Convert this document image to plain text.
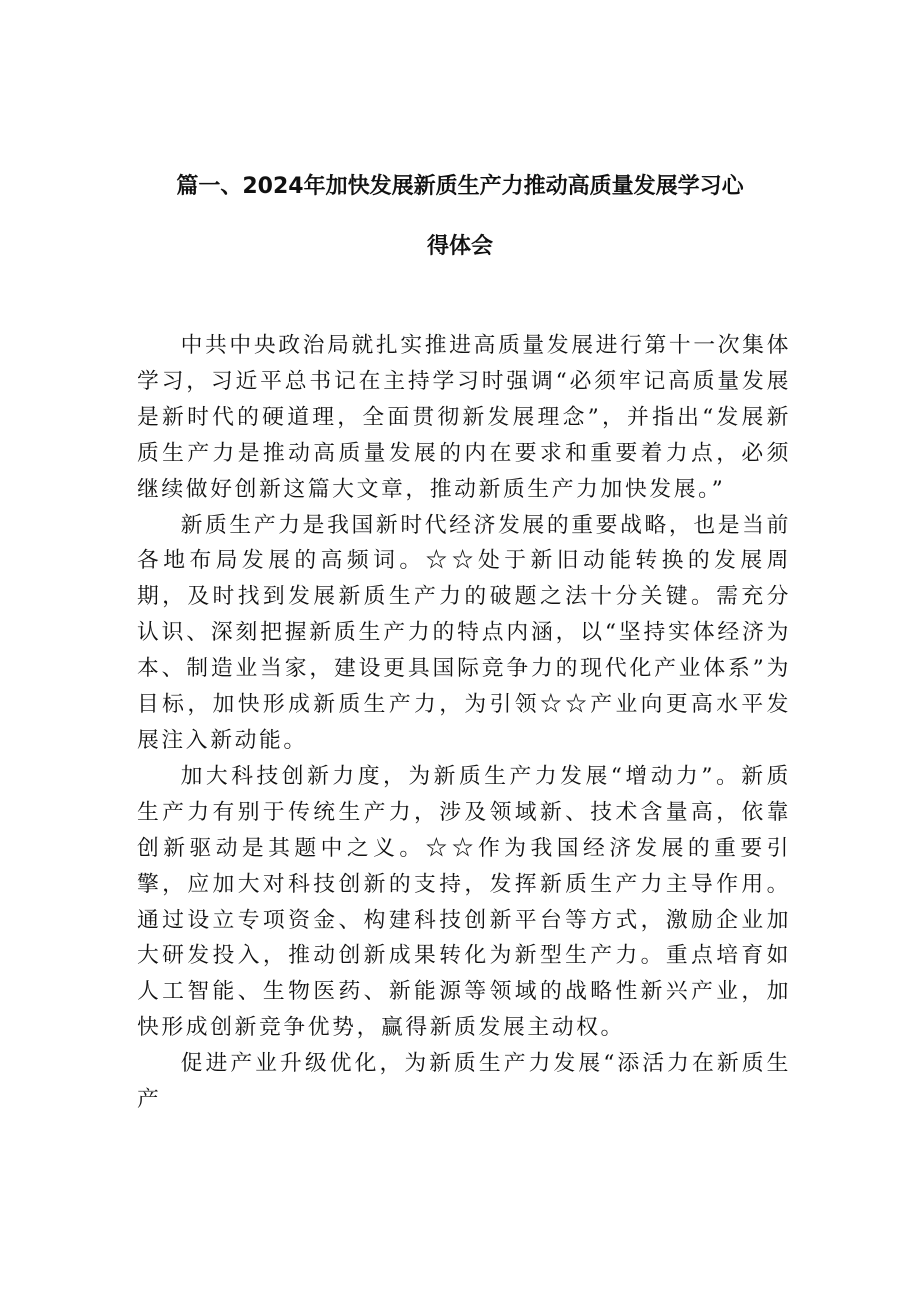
篇一、2024年加快发展新质生产力推动高质量发展学习心
得体会

中共中央政治局就扎实推进高质量发展进行第十一次集体学习，习近平总书记在主持学习时强调“必须牢记高质量发展是新时代的硬道理，全面贯彻新发展理念”，并指出“发展新质生产力是推动高质量发展的内在要求和重要着力点，必须继续做好创新这篇大文章，推动新质生产力加快发展。”

新质生产力是我国新时代经济发展的重要战略，也是当前各地布局发展的高频词。☆☆处于新旧动能转换的发展周期，及时找到发展新质生产力的破题之法十分关键。需充分认识、深刻把握新质生产力的特点内涵，以“坚持实体经济为本、制造业当家，建设更具国际竞争力的现代化产业体系”为目标，加快形成新质生产力，为引领☆☆产业向更高水平发展注入新动能。

加大科技创新力度，为新质生产力发展“增动力”。新质生产力有别于传统生产力，涉及领域新、技术含量高，依靠创新驱动是其题中之义。☆☆作为我国经济发展的重要引擎，应加大对科技创新的支持，发挥新质生产力主导作用。通过设立专项资金、构建科技创新平台等方式，激励企业加大研发投入，推动创新成果转化为新型生产力。重点培育如人工智能、生物医药、新能源等领域的战略性新兴产业，加快形成创新竞争优势，赢得新质发展主动权。

促进产业升级优化，为新质生产力发展“添活力在新质生产
